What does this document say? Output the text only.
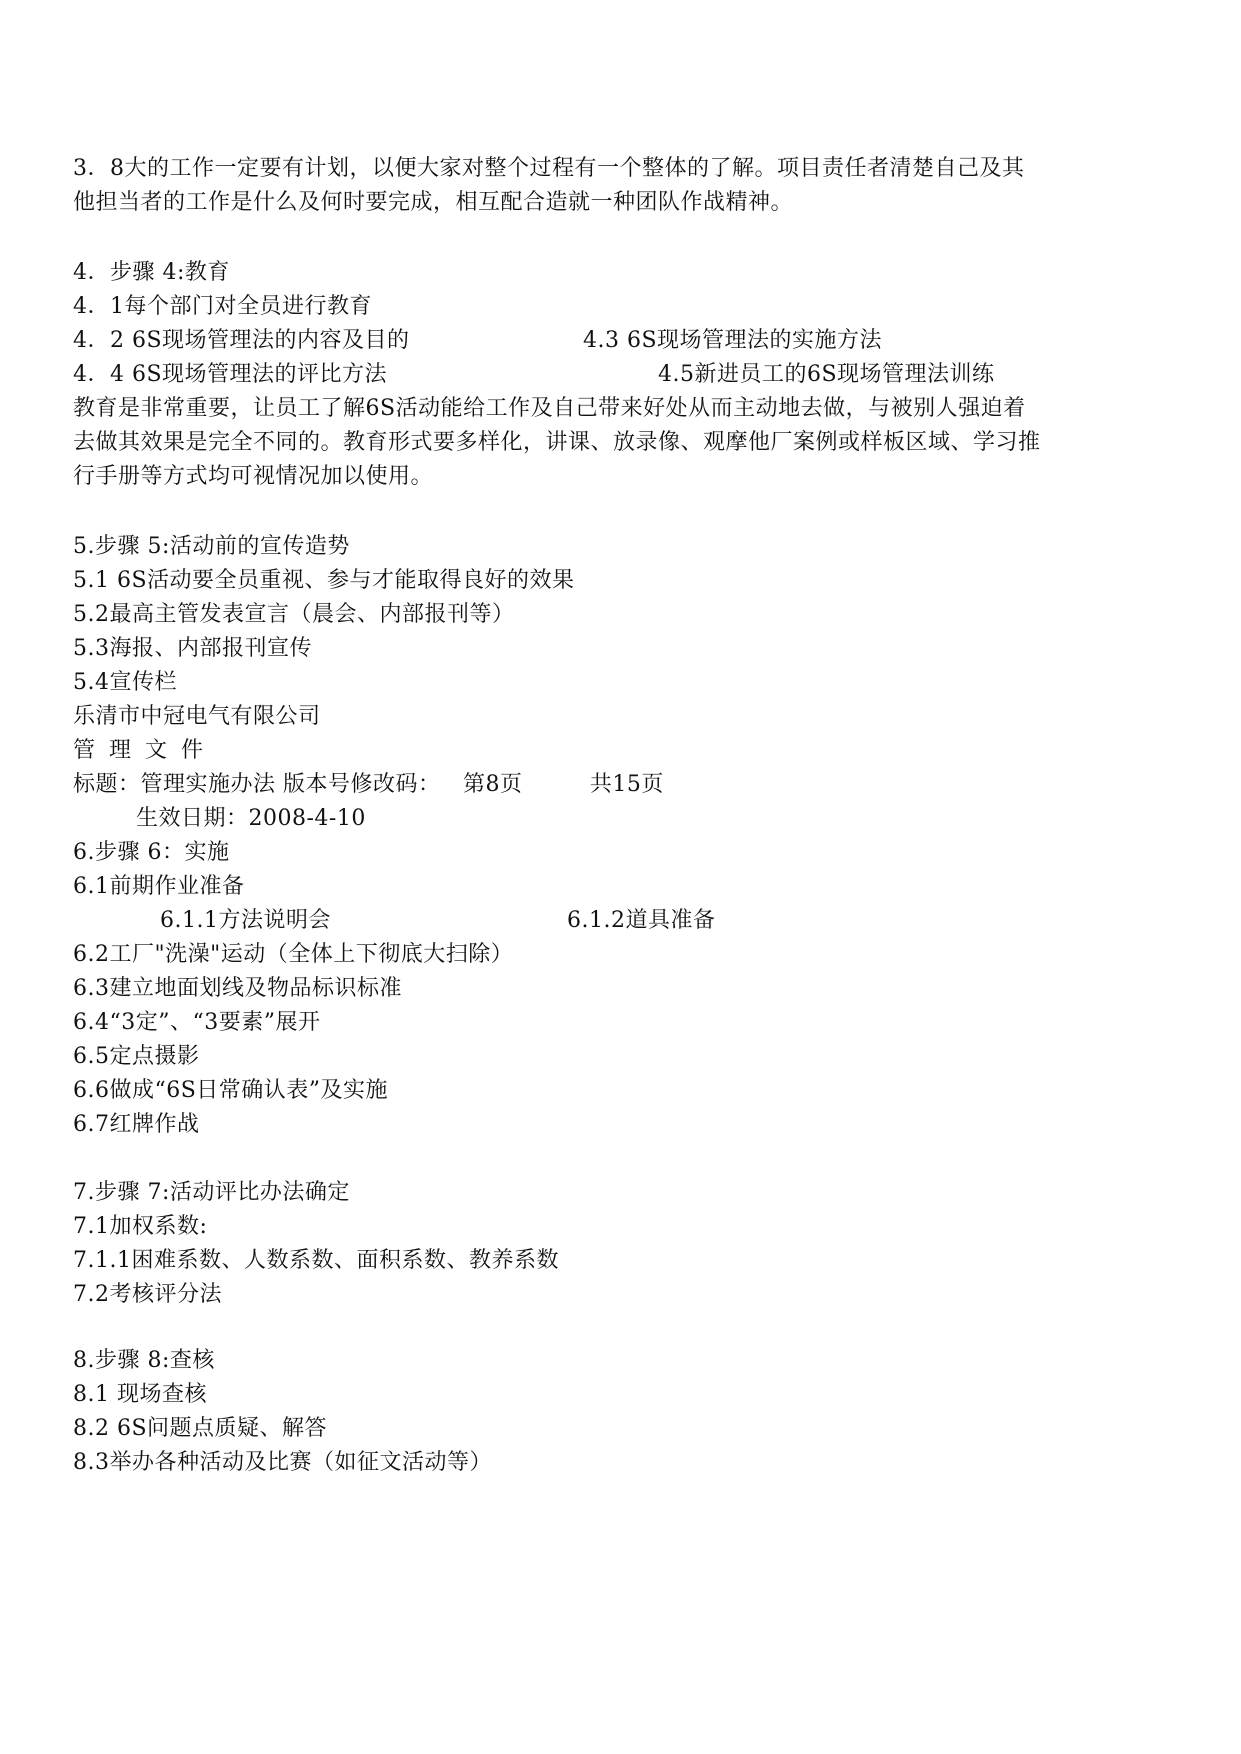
3．8大的工作一定要有计划，以便大家对整个过程有一个整体的了解。项目责任者清楚自己及其
他担当者的工作是什么及何时要完成，相互配合造就一种团队作战精神。
4．步骤 4:教育
4．1每个部门对全员进行教育
4．2 6S现场管理法的内容及目的	4.3 6S现场管理法的实施方法
4．4 6S现场管理法的评比方法	4.5新进员工的6S现场管理法训练
教育是非常重要，让员工了解6S活动能给工作及自己带来好处从而主动地去做，与被别人强迫着
去做其效果是完全不同的。教育形式要多样化，讲课、放录像、观摩他厂案例或样板区域、学习推
行手册等方式均可视情况加以使用。
5.步骤 5:活动前的宣传造势
5.1 6S活动要全员重视、参与才能取得良好的效果
5.2最高主管发表宣言（晨会、内部报刊等）
5.3海报、内部报刊宣传
5.4宣传栏
乐清市中冠电气有限公司
管理文件
标题：管理实施办法 版本号修改码：   第8页         共15页
生效日期：2008-4-10
6.步骤 6：实施
6.1前期作业准备
6.1.1方法说明会	6.1.2道具准备
6.2工厂"洗澡"运动（全体上下彻底大扫除）
6.3建立地面划线及物品标识标准
6.4“3定”、“3要素”展开
6.5定点摄影
6.6做成“6S日常确认表”及实施
6.7红牌作战
7.步骤 7:活动评比办法确定
7.1加权系数:
7.1.1困难系数、人数系数、面积系数、教养系数
7.2考核评分法
8.步骤 8:查核
8.1 现场查核
8.2 6S问题点质疑、解答
8.3举办各种活动及比赛（如征文活动等）
